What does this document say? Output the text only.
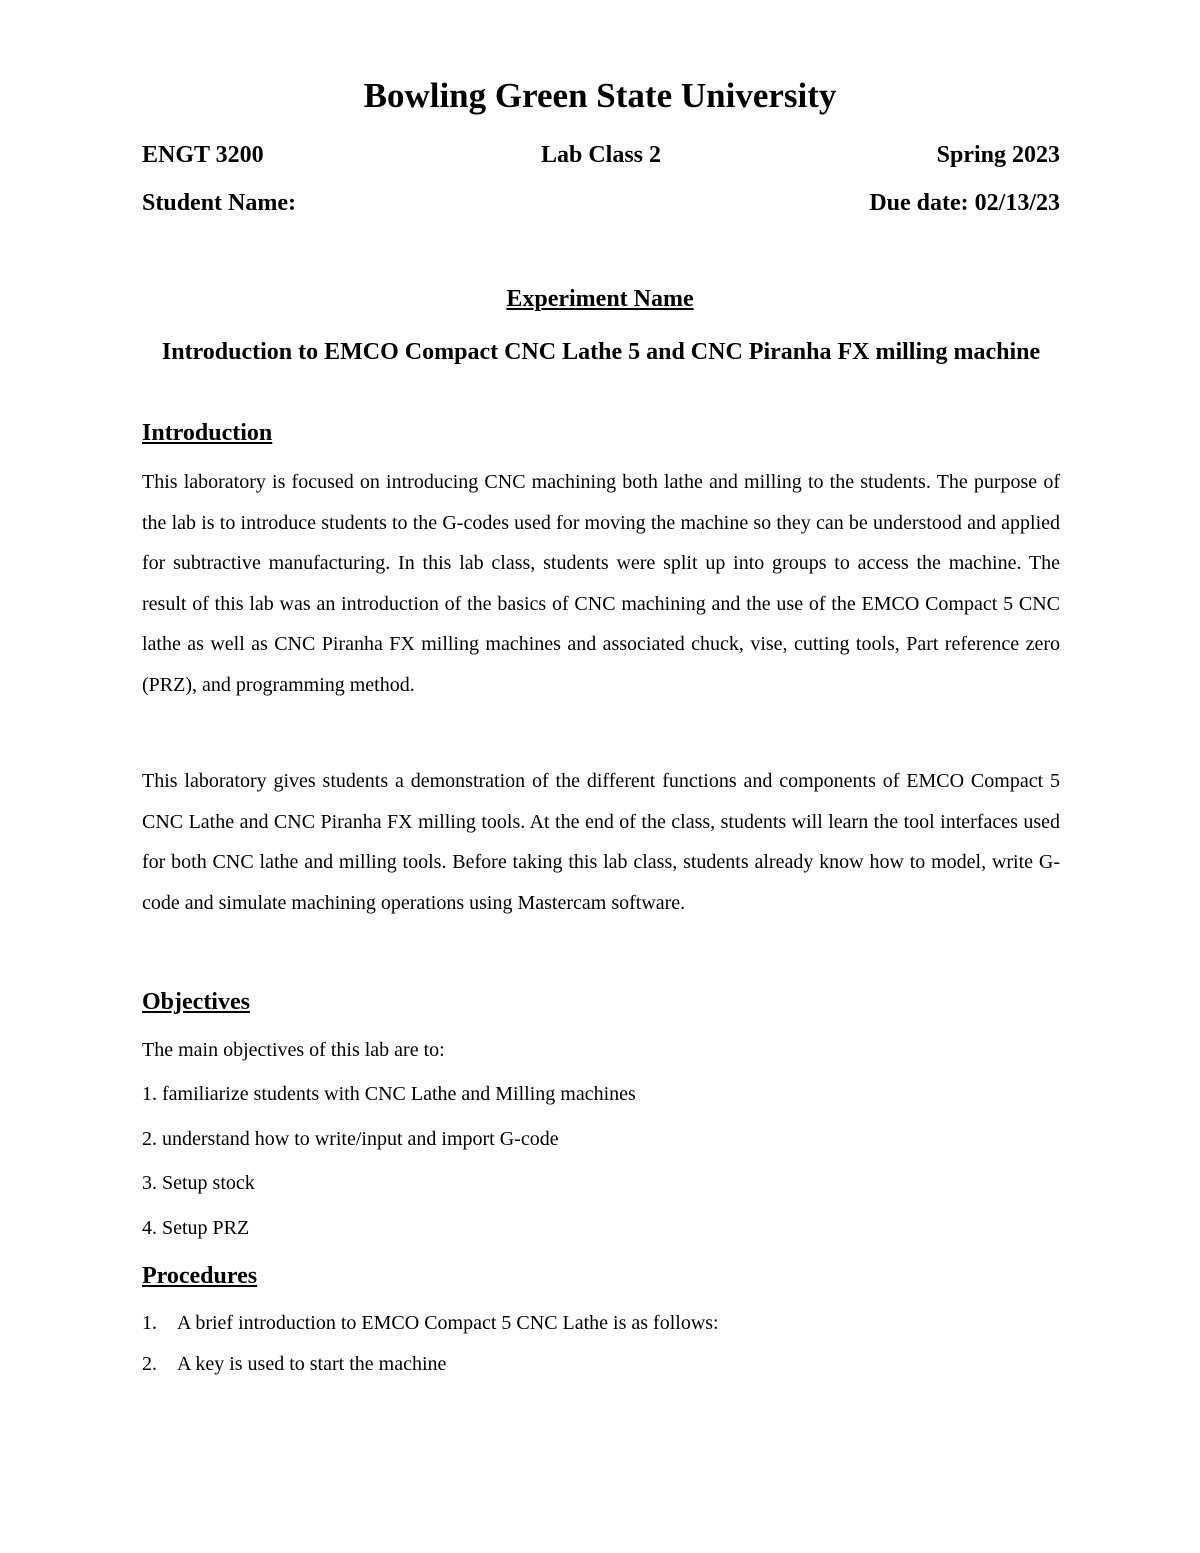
Bowling Green State University
ENGT 3200	Lab Class 2	Spring 2023
Student Name:	Due date: 02/13/23
Experiment Name
Introduction to EMCO Compact CNC Lathe 5 and CNC Piranha FX milling machine
Introduction

This laboratory is focused on introducing CNC machining both lathe and milling to the students. The purpose of the lab is to introduce students to the G-codes used for moving the machine so they can be understood and applied for subtractive manufacturing. In this lab class, students were split up into groups to access the machine. The result of this lab was an introduction of the basics of CNC machining and the use of the EMCO Compact 5 CNC lathe as well as CNC Piranha FX milling machines and associated chuck, vise, cutting tools, Part reference zero (PRZ), and programming method.

This laboratory gives students a demonstration of the different functions and components of EMCO Compact 5 CNC Lathe and CNC Piranha FX milling tools. At the end of the class, students will learn the tool interfaces used for both CNC lathe and milling tools. Before taking this lab class, students already know how to model, write G-code and simulate machining operations using Mastercam software.

Objectives
The main objectives of this lab are to:
1. familiarize students with CNC Lathe and Milling machines
2. understand how to write/input and import G-code
3. Setup stock
4. Setup PRZ
Procedures
1. A brief introduction to EMCO Compact 5 CNC Lathe is as follows:
2. A key is used to start the machine
